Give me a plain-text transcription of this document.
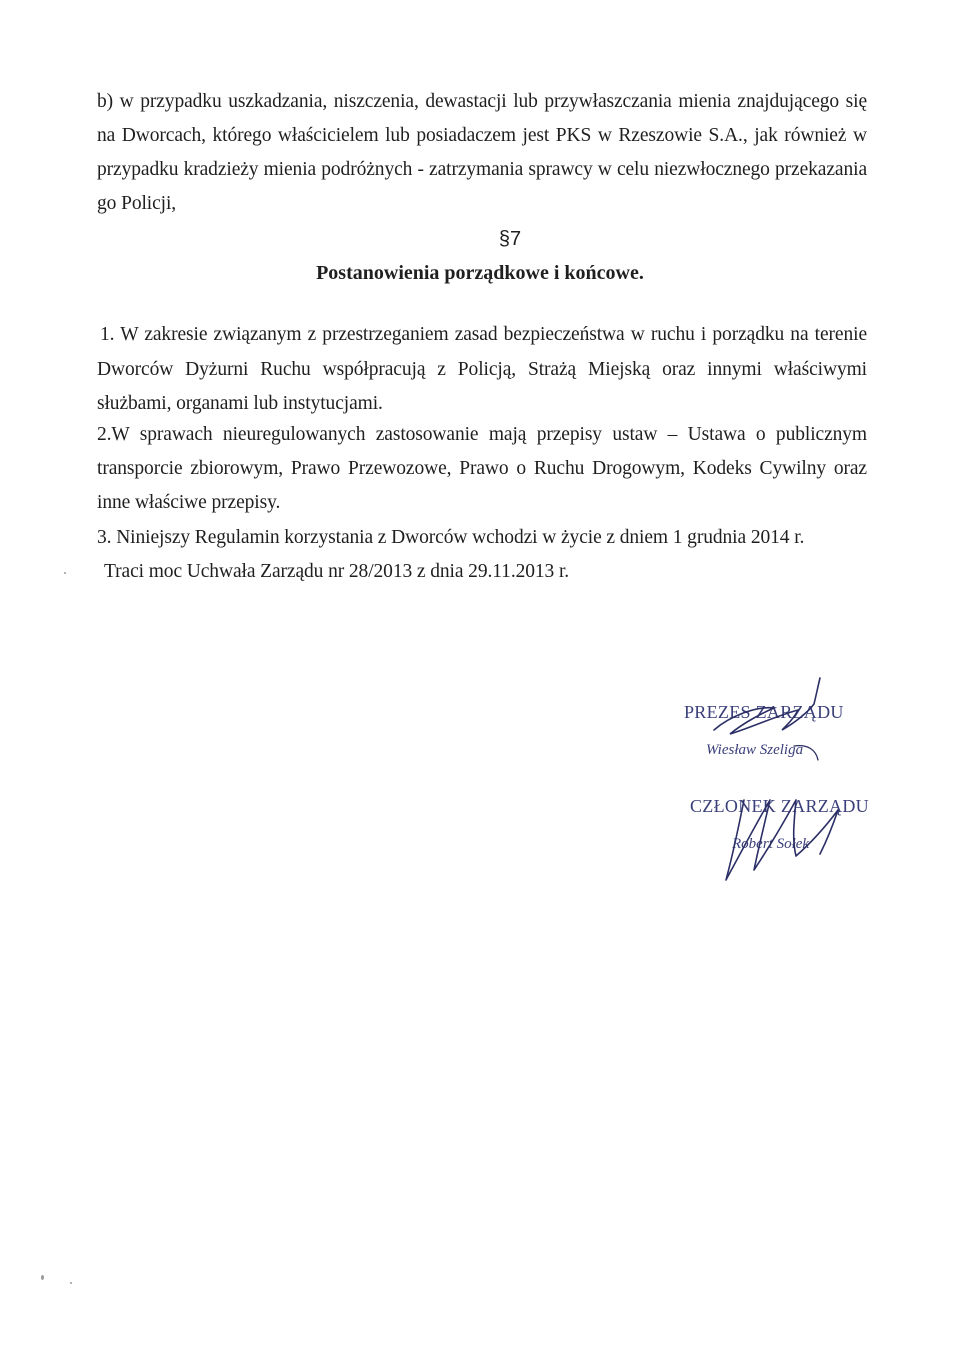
b) w przypadku uszkadzania, niszczenia, dewastacji lub przywłaszczania mienia znajdującego się
na Dworcach, którego właścicielem lub posiadaczem jest PKS w Rzeszowie S.A., jak również w
przypadku kradzieży mienia podróżnych - zatrzymania sprawcy w celu niezwłocznego przekazania
go Policji,
§7
Postanowienia porządkowe i końcowe.
1. W zakresie związanym z przestrzeganiem zasad bezpieczeństwa w ruchu i porządku na terenie
Dworców Dyżurni Ruchu współpracują z Policją, Strażą Miejską oraz innymi właściwymi
służbami, organami lub instytucjami.
2.W sprawach nieuregulowanych zastosowanie mają przepisy ustaw – Ustawa o publicznym
transporcie zbiorowym, Prawo Przewozowe, Prawo o Ruchu Drogowym, Kodeks Cywilny oraz
inne właściwe przepisy.
3. Niniejszy Regulamin korzystania z Dworców wchodzi w życie z dniem 1 grudnia 2014 r.
Traci moc Uchwała Zarządu nr 28/2013 z dnia 29.11.2013 r.
PREZES ZARZĄDU
Wiesław Szeliga
CZŁONEK ZARZĄDU
Robert Sołek
